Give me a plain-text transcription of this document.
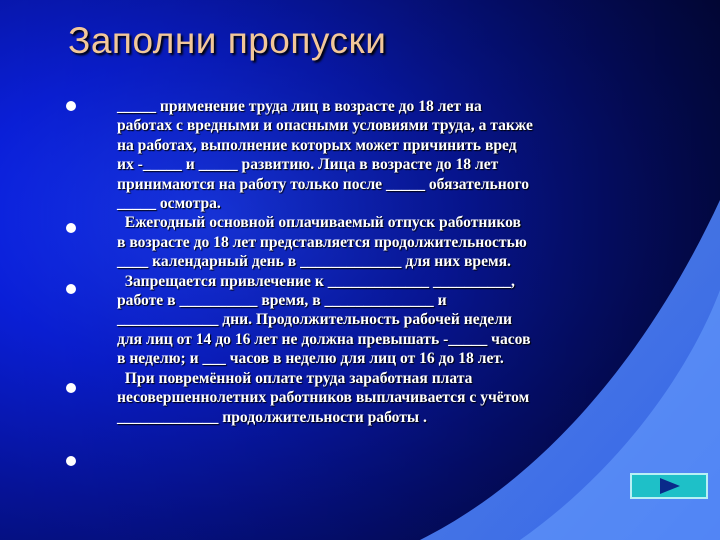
Заполни пропуски
_____ применение труда лиц в возрасте до 18 лет на
работах с вредными и опасными условиями труда, а также
на работах, выполнение которых может причинить вред
их -_____ и _____ развитию. Лица в возрасте до 18 лет
принимаются на работу только после _____ обязательного
_____ осмотра.
Ежегодный основной оплачиваемый отпуск работников
в возрасте до 18 лет представляется продолжительностью
____ календарный день в _____________ для них время.
Запрещается привлечение к _____________ __________,
работе в __________ время, в ______________ и
_____________ дни. Продолжительность рабочей недели
для лиц от 14 до 16 лет не должна превышать -_____ часов
в неделю; и ___ часов в неделю для лиц от 16 до 18 лет.
При повремённой оплате труда заработная плата
несовершеннолетних работников выплачивается с учётом
_____________ продолжительности работы .
